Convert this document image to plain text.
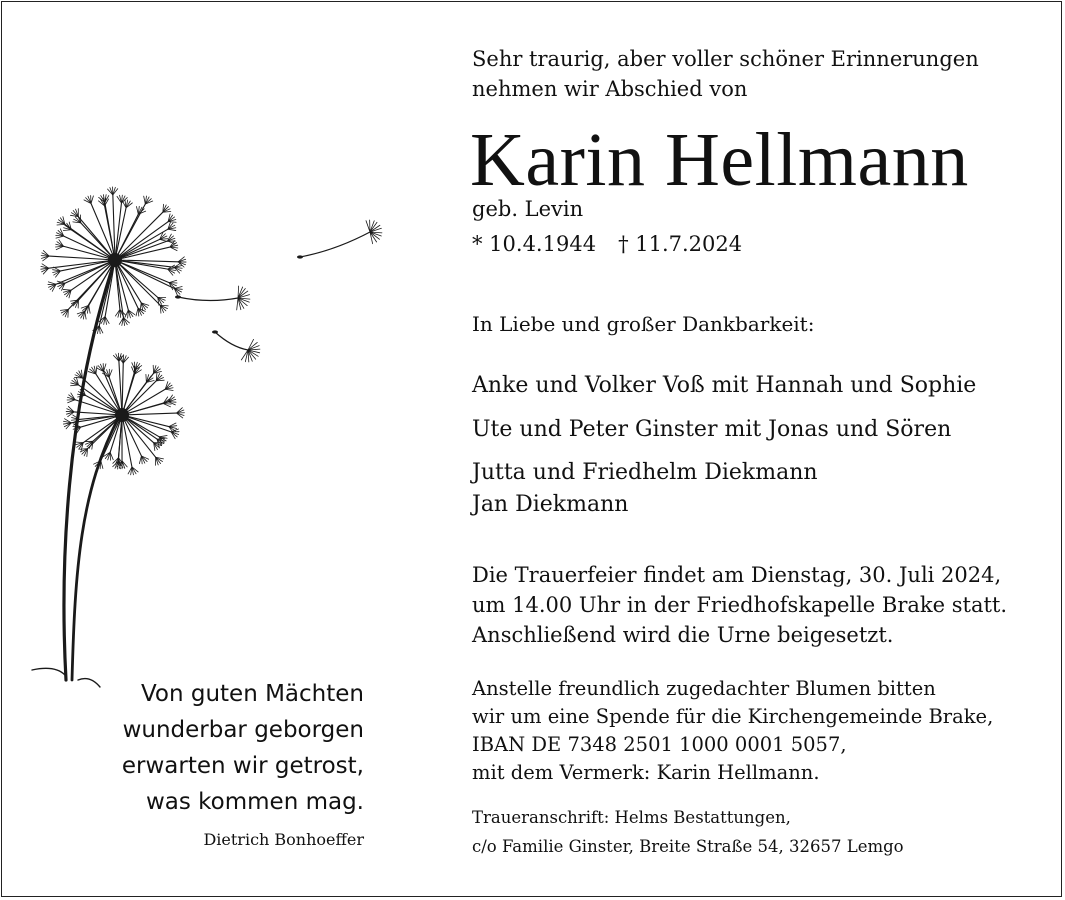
Sehr traurig, aber voller schöner Erinnerungen
nehmen wir Abschied von
Karin Hellmann
geb. Levin
* 10.4.1944 † 11.7.2024
In Liebe und großer Dankbarkeit:
Anke und Volker Voß mit Hannah und Sophie
Ute und Peter Ginster mit Jonas und Sören
Jutta und Friedhelm Diekmann
Jan Diekmann
Die Trauerfeier findet am Dienstag, 30. Juli 2024,
um 14.00 Uhr in der Friedhofskapelle Brake statt.
Anschließend wird die Urne beigesetzt.
Anstelle freundlich zugedachter Blumen bitten
wir um eine Spende für die Kirchengemeinde Brake,
IBAN DE 7348 2501 1000 0001 5057,
mit dem Vermerk: Karin Hellmann.
Traueranschrift: Helms Bestattungen,
c/o Familie Ginster, Breite Straße 54, 32657 Lemgo
Von guten Mächten
wunderbar geborgen
erwarten wir getrost,
was kommen mag.
Dietrich Bonhoeffer
